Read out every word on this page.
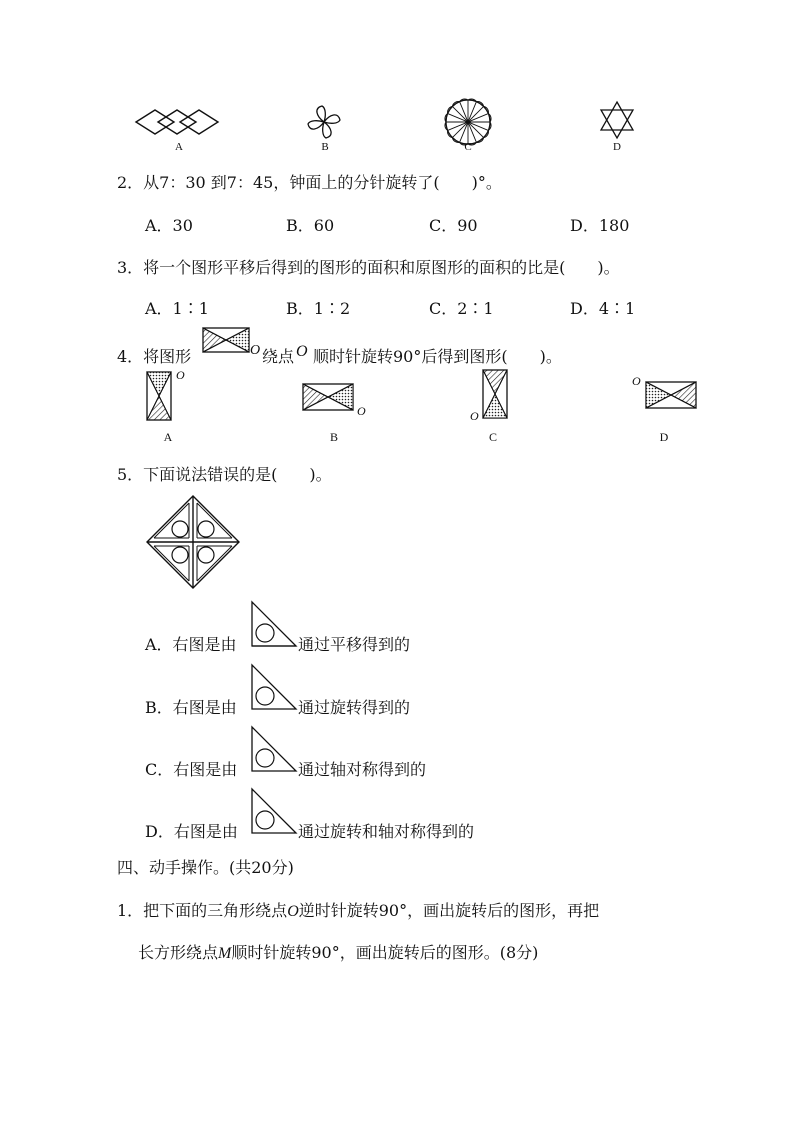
A	B	C	D
2．从7：30 到7：45，钟面上的分针旋转了(　　)°。
A．30	B．60	C．90	D．180
3．将一个图形平移后得到的图形的面积和原图形的面积的比是(　　)。
A．1∶1	B．1∶2	C．2∶1	D．4∶1
4．将图形	O 绕点 O 顺时针旋转90°后得到图形(　　)。
O
A
O
B
O
C
O
D
5．下面说法错误的是(　　)。
A．右图是由	通过平移得到的
B．右图是由	通过旋转得到的
C．右图是由	通过轴对称得到的
D．右图是由	通过旋转和轴对称得到的
四、动手操作。(共20分)
1．把下面的三角形绕点O逆时针旋转90°，画出旋转后的图形，再把
长方形绕点M顺时针旋转90°，画出旋转后的图形。(8分)
